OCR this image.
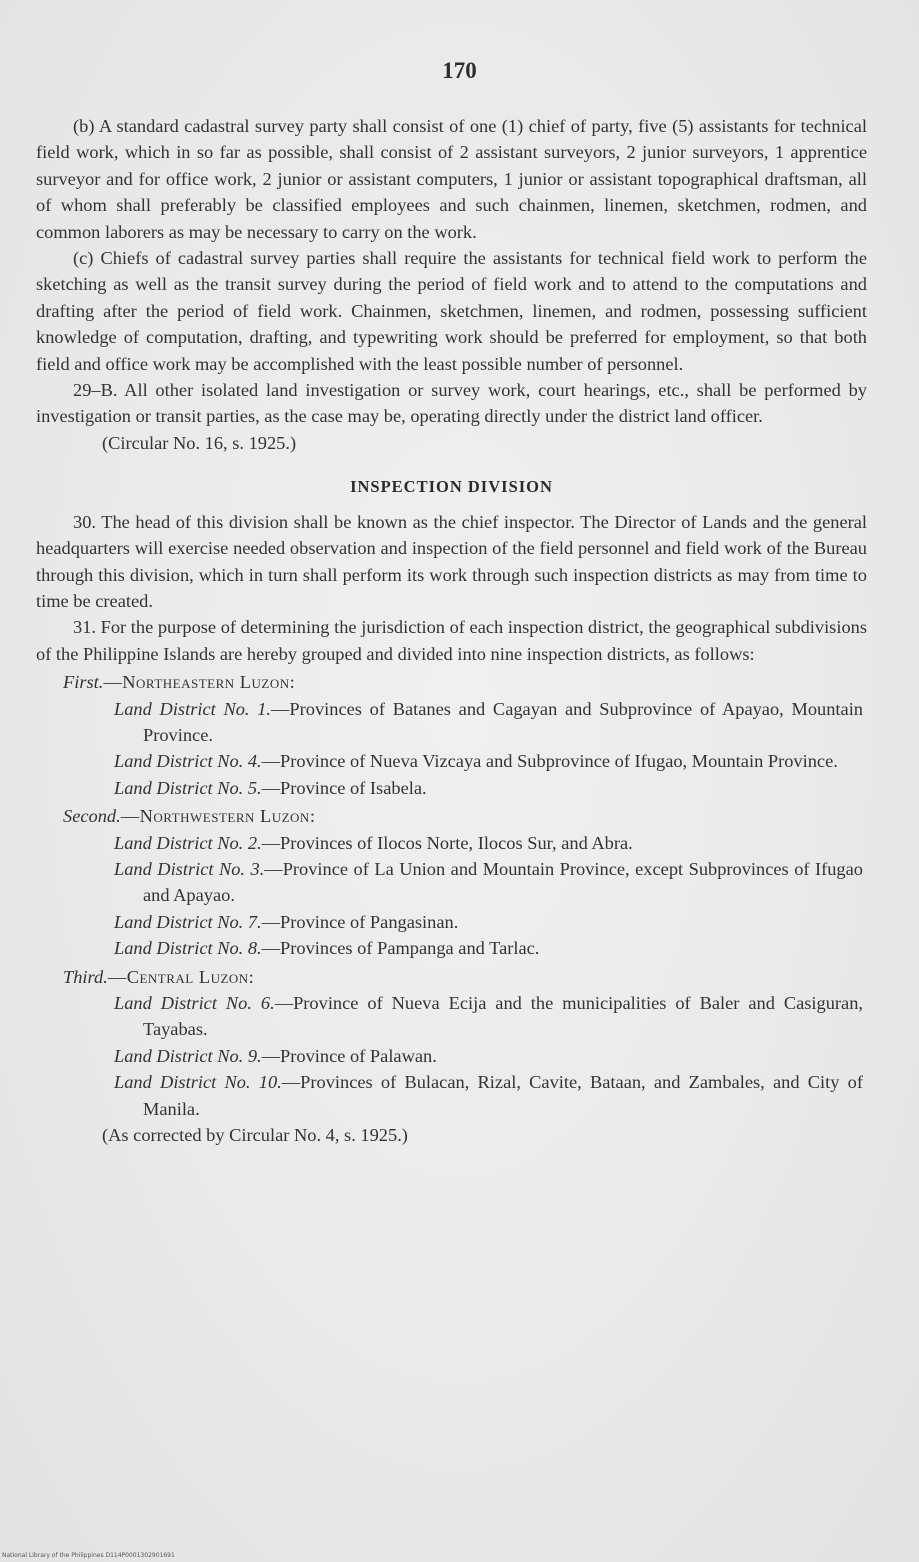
170

(b) A standard cadastral survey party shall consist of one (1) chief of party, five (5) assistants for technical field work, which in so far as possible, shall consist of 2 assistant surveyors, 2 junior surveyors, 1 apprentice surveyor and for office work, 2 junior or assistant computers, 1 junior or assistant topographical draftsman, all of whom shall preferably be classified employees and such chainmen, linemen, sketchmen, rodmen, and common laborers as may be necessary to carry on the work.

(c) Chiefs of cadastral survey parties shall require the assistants for technical field work to perform the sketching as well as the transit survey during the period of field work and to attend to the computations and drafting after the period of field work. Chainmen, sketchmen, linemen, and rodmen, possessing sufficient knowledge of computation, drafting, and typewriting work should be preferred for employment, so that both field and office work may be accomplished with the least possible number of personnel.

29–B. All other isolated land investigation or survey work, court hearings, etc., shall be performed by investigation or transit parties, as the case may be, operating directly under the district land officer.

(Circular No. 16, s. 1925.)

INSPECTION DIVISION

30. The head of this division shall be known as the chief inspector. The Director of Lands and the general headquarters will exercise needed observation and inspection of the field personnel and field work of the Bureau through this division, which in turn shall perform its work through such inspection districts as may from time to time be created.

31. For the purpose of determining the jurisdiction of each inspection district, the geographical subdivisions of the Philippine Islands are hereby grouped and divided into nine inspection districts, as follows:

First.—Northeastern Luzon:

Land District No. 1.—Provinces of Batanes and Cagayan and Subprovince of Apayao, Mountain Province.

Land District No. 4.—Province of Nueva Vizcaya and Subprovince of Ifugao, Mountain Province.

Land District No. 5.—Province of Isabela.

Second.—Northwestern Luzon:

Land District No. 2.—Provinces of Ilocos Norte, Ilocos Sur, and Abra.

Land District No. 3.—Province of La Union and Mountain Province, except Subprovinces of Ifugao and Apayao.

Land District No. 7.—Province of Pangasinan.

Land District No. 8.—Provinces of Pampanga and Tarlac.

Third.—Central Luzon:

Land District No. 6.—Province of Nueva Ecija and the municipalities of Baler and Casiguran, Tayabas.

Land District No. 9.—Province of Palawan.

Land District No. 10.—Provinces of Bulacan, Rizal, Cavite, Bataan, and Zambales, and City of Manila.

(As corrected by Circular No. 4, s. 1925.)

National Library of the Philippines D114P0001302901691
